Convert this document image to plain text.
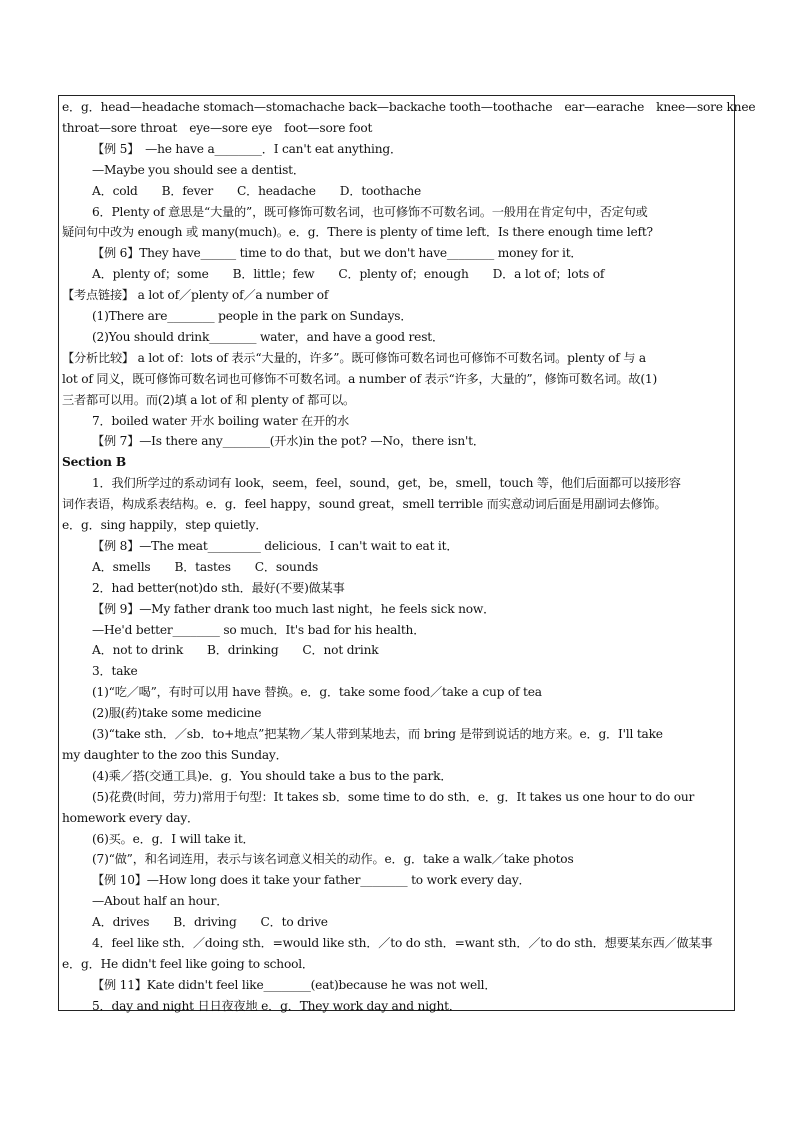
e．g．head—headache stomach—stomachache back—backache tooth—toothache　ear—earache　knee—sore knee
throat—sore throat　eye—sore eye　foot—sore foot
【例 5】　—he have a________．I can't eat anything．
—Maybe you should see a dentist．
A．cold　　B．fever　　C．headache　　D．toothache
6．Plenty of 意思是“大量的”，既可修饰可数名词，也可修饰不可数名词。一般用在肯定句中，否定句或
疑问句中改为 enough 或 many(much)。e．g．There is plenty of time left．Is there enough time left?
【例 6】They have______ time to do that，but we don't have________ money for it．
A．plenty of；some　　B．little；few　　C．plenty of；enough　　D．a lot of；lots of
【考点链接】 a lot of／plenty of／a number of
(1)There are________ people in the park on Sundays．
(2)You should drink________ water，and have a good rest．
【分析比较】 a lot of：lots of 表示“大量的，许多”。既可修饰可数名词也可修饰不可数名词。plenty of 与 a
lot of 同义，既可修饰可数名词也可修饰不可数名词。a number of 表示“许多，大量的”，修饰可数名词。故(1)
三者都可以用。而(2)填 a lot of 和 plenty of 都可以。
7．boiled water 开水 boiling water 在开的水
【例 7】—Is there any________(开水)in the pot? —No，there isn't．
Section B
1．我们所学过的系动词有 look，seem，feel，sound，get，be，smell，touch 等，他们后面都可以接形容
词作表语，构成系表结构。e．g．feel happy，sound great，smell terrible 而实意动词后面是用副词去修饰。
e．g．sing happily，step quietly．
【例 8】—The meat_________ delicious．I can't wait to eat it．
A．smells　　B．tastes　　C．sounds
2．had better(not)do sth．最好(不要)做某事
【例 9】—My father drank too much last night，he feels sick now．
—He'd better________ so much．It's bad for his health．
A．not to drink　　B．drinking　　C．not drink
3．take
(1)“吃／喝”，有时可以用 have 替换。e．g．take some food／take a cup of tea
(2)服(药)take some medicine
(3)“take sth．／sb．to+地点”把某物／某人带到某地去，而 bring 是带到说话的地方来。e．g．I'll take
my daughter to the zoo this Sunday．
(4)乘／搭(交通工具)e．g．You should take a bus to the park．
(5)花费(时间，劳力)常用于句型：It takes sb．some time to do sth．e．g．It takes us one hour to do our
homework every day．
(6)买。e．g．I will take it．
(7)“做”，和名词连用，表示与该名词意义相关的动作。e．g．take a walk／take photos
【例 10】—How long does it take your father________ to work every day．
—About half an hour．
A．drives　　B．driving　　C．to drive
4．feel like sth．／doing sth．=would like sth．／to do sth．=want sth．／to do sth．想要某东西／做某事
e．g．He didn't feel like going to school．
【例 11】Kate didn't feel like________(eat)because he was not well．
5．day and night 日日夜夜地 e．g．They work day and night．
